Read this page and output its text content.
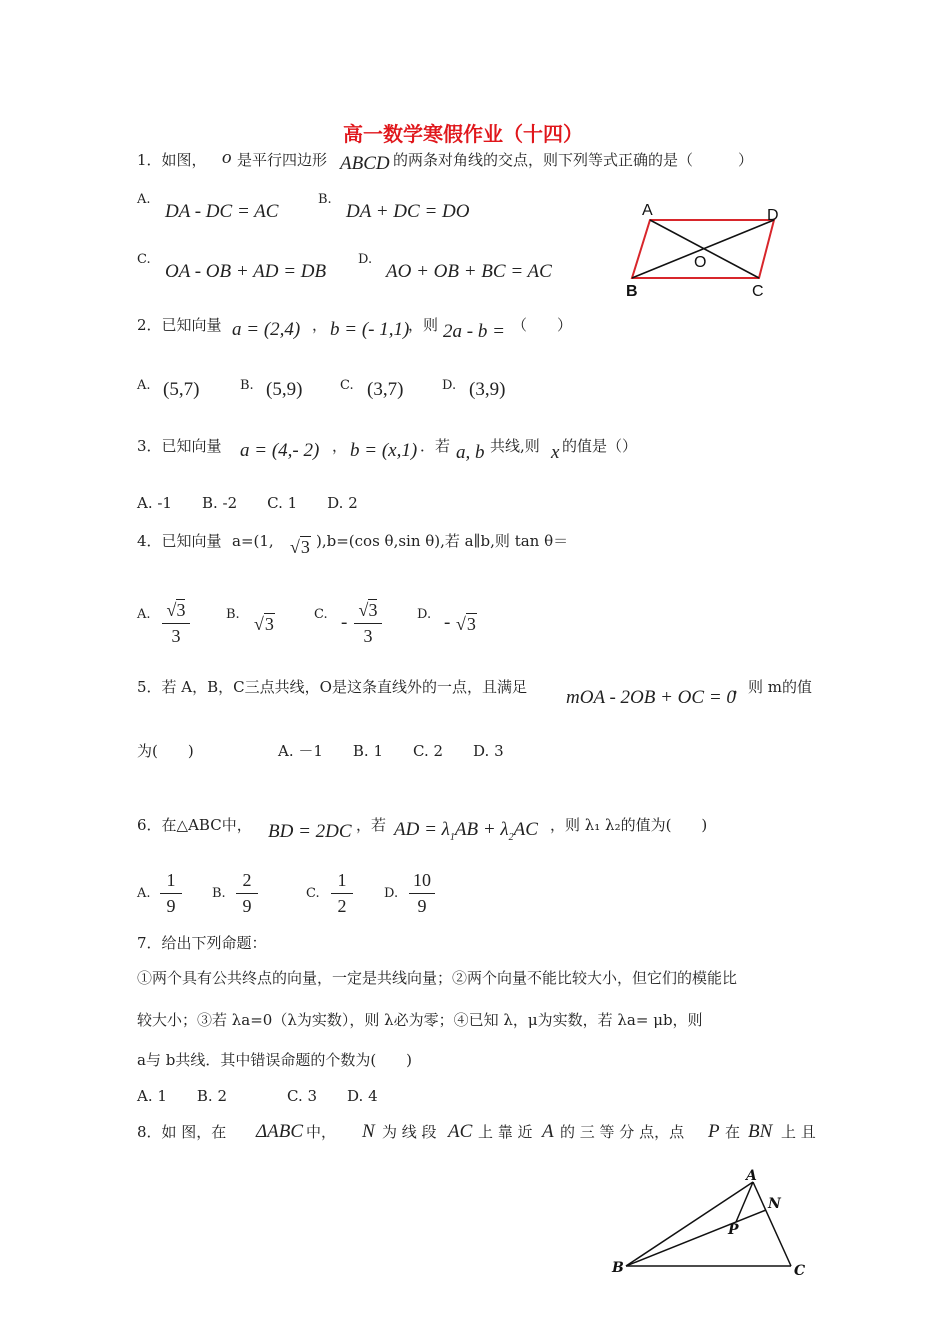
高一数学寒假作业（十四）
1．如图， o 是平行四边形 ABCD 的两条对角线的交点，则下列等式正确的是（　　　）
A.
DA - DC = AC
B.
DA + DC = DO
C.
OA - OB + AD = DB
D.
AO + OB + BC = AC
A	D
O
B	C
2．已知向量 a = (2,4) ， b = (- 1,1)
，则 2a - b = （　　）
A. (5,7)	B. (5,9)	C. (3,7)	D. (3,9)
3．已知向量 a = (4,- 2) ， b = (x,1) ．若 a, b 共线,则 x 的值是（）
A. -1　　B. -2　　C. 1　　D. 2
4．已知向量 a=(1, √3 ),b=(cos θ,sin θ),若 a∥b,则 tan θ＝
A. √3
3
B. √3	C. -
√3
3
D. - √3
5．若 A，B，C三点共线，O是这条直线外的一点，且满足 mOA - 2OB + OC = 0
，则 m的值
为(　　)	A. －1　　B. 1　　C. 2　　D. 3
6．在△ABC中， BD = 2DC ，若 AD = $\lambda_1AB + \lambda_2AC$ ，则 λ₁ λ₂的值为(　　)
A.
1
9
B.
2
9
C.
1
2
D.
10
9
7．给出下列命题：
①两个具有公共终点的向量，一定是共线向量；②两个向量不能比较大小，但它们的模能比
较大小；③若 λa=0（λ为实数），则 λ必为零；④已知 λ，μ为实数，若 λa= μb，则
a与 b共线．其中错误命题的个数为(　　)
A. 1　　B. 2　　　　C. 3　　D. 4
8．如 图，在 ΔABC 中， N 为 线 段 AC 上 靠 近 A 的 三 等 分 点，点 P 在 BN 上 且
A
N
P
B	C
